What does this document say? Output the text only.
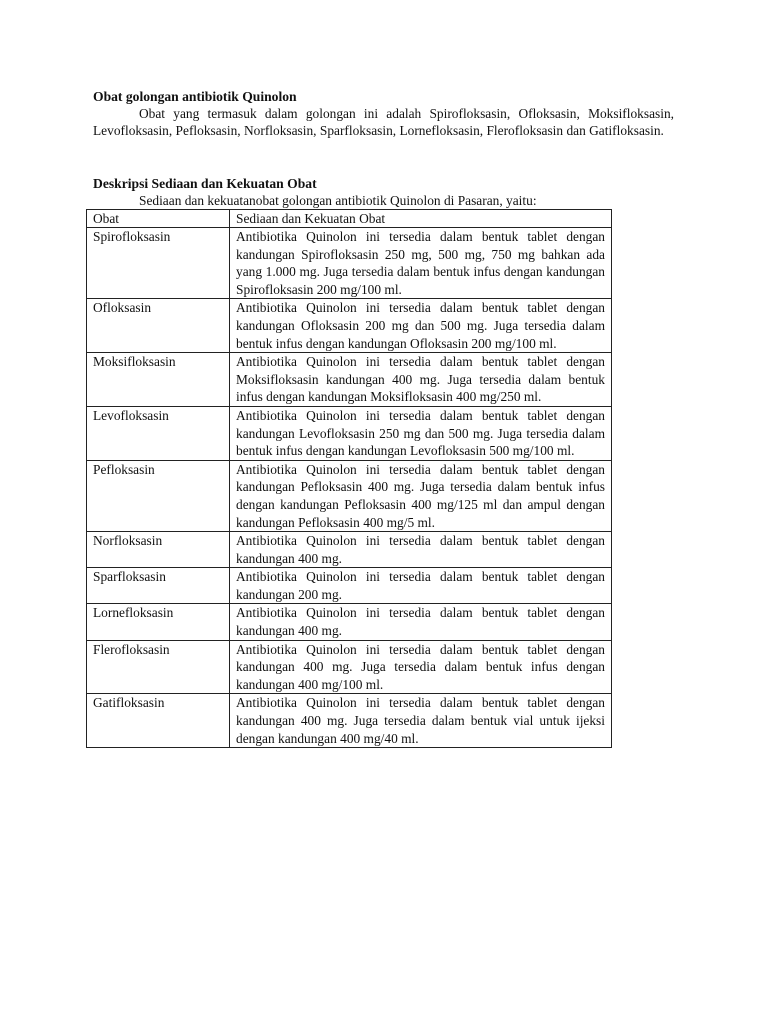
Obat golongan antibiotik Quinolon

Obat yang termasuk dalam golongan ini adalah Spirofloksasin, Ofloksasin, Moksifloksasin, Levofloksasin, Pefloksasin, Norfloksasin, Sparfloksasin, Lornefloksasin, Flerofloksasin dan Gatifloksasin.

Deskripsi Sediaan dan Kekuatan Obat
Sediaan dan kekuatanobat golongan antibiotik Quinolon di Pasaran, yaitu:
Obat	Sediaan dan Kekuatan Obat
Spirofloksasin	Antibiotika Quinolon ini tersedia dalam bentuk tablet dengan kandungan Spirofloksasin 250 mg, 500 mg, 750 mg bahkan ada yang 1.000 mg. Juga tersedia dalam bentuk infus dengan kandungan Spirofloksasin 200 mg/100 ml.
Ofloksasin	Antibiotika Quinolon ini tersedia dalam bentuk tablet dengan kandungan Ofloksasin 200 mg dan 500 mg. Juga tersedia dalam bentuk infus dengan kandungan Ofloksasin 200 mg/100 ml.
Moksifloksasin	Antibiotika Quinolon ini tersedia dalam bentuk tablet dengan Moksifloksasin kandungan 400 mg. Juga tersedia dalam bentuk infus dengan kandungan Moksifloksasin 400 mg/250 ml.
Levofloksasin	Antibiotika Quinolon ini tersedia dalam bentuk tablet dengan kandungan Levofloksasin 250 mg dan 500 mg. Juga tersedia dalam bentuk infus dengan kandungan Levofloksasin 500 mg/100 ml.
Pefloksasin	Antibiotika Quinolon ini tersedia dalam bentuk tablet dengan kandungan Pefloksasin 400 mg. Juga tersedia dalam bentuk infus dengan kandungan Pefloksasin 400 mg/125 ml dan ampul dengan kandungan Pefloksasin 400 mg/5 ml.
Norfloksasin	Antibiotika Quinolon ini tersedia dalam bentuk tablet dengan kandungan 400 mg.
Sparfloksasin	Antibiotika Quinolon ini tersedia dalam bentuk tablet dengan kandungan 200 mg.
Lornefloksasin	Antibiotika Quinolon ini tersedia dalam bentuk tablet dengan kandungan 400 mg.
Flerofloksasin	Antibiotika Quinolon ini tersedia dalam bentuk tablet dengan kandungan 400 mg. Juga tersedia dalam bentuk infus dengan kandungan 400 mg/100 ml.
Gatifloksasin	Antibiotika Quinolon ini tersedia dalam bentuk tablet dengan kandungan 400 mg. Juga tersedia dalam bentuk vial untuk ijeksi dengan kandungan 400 mg/40 ml.
